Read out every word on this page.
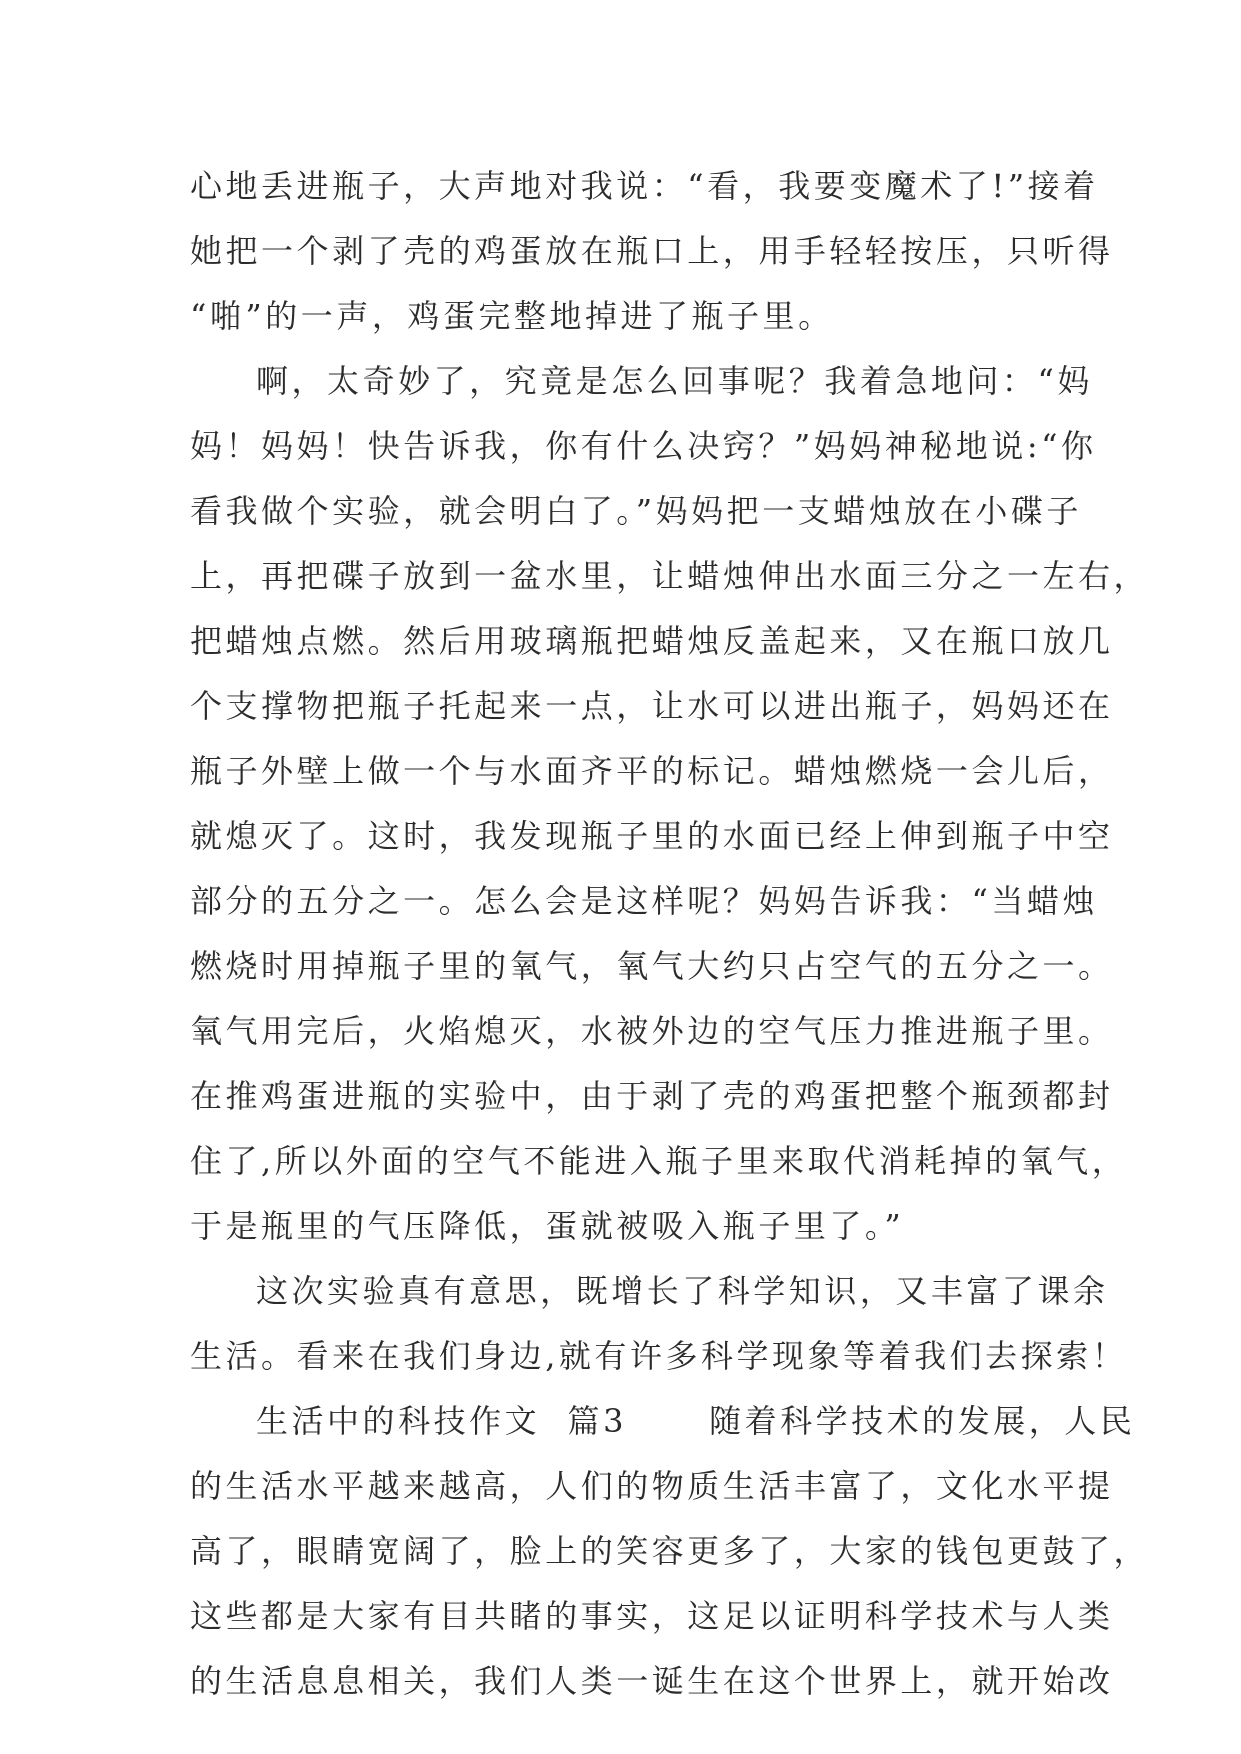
心地丢进瓶子，大声地对我说：“看，我要变魔术了!”接着
她把一个剥了壳的鸡蛋放在瓶口上，用手轻轻按压，只听得
“啪”的一声，鸡蛋完整地掉进了瓶子里。
啊，太奇妙了，究竟是怎么回事呢？我着急地问：“妈
妈！妈妈！快告诉我，你有什么决窍？”妈妈神秘地说:“你
看我做个实验，就会明白了。”妈妈把一支蜡烛放在小碟子
上，再把碟子放到一盆水里，让蜡烛伸出水面三分之一左右，
把蜡烛点燃。然后用玻璃瓶把蜡烛反盖起来，又在瓶口放几
个支撑物把瓶子托起来一点，让水可以进出瓶子，妈妈还在
瓶子外壁上做一个与水面齐平的标记。蜡烛燃烧一会儿后，
就熄灭了。这时，我发现瓶子里的水面已经上伸到瓶子中空
部分的五分之一。怎么会是这样呢？妈妈告诉我：“当蜡烛
燃烧时用掉瓶子里的氧气，氧气大约只占空气的五分之一。
氧气用完后，火焰熄灭，水被外边的空气压力推进瓶子里。
在推鸡蛋进瓶的实验中，由于剥了壳的鸡蛋把整个瓶颈都封
住了,所以外面的空气不能进入瓶子里来取代消耗掉的氧气，
于是瓶里的气压降低，蛋就被吸入瓶子里了。”
这次实验真有意思，既增长了科学知识，又丰富了课余
生活。看来在我们身边,就有许多科学现象等着我们去探索！
生活中的科技作文  篇3      随着科学技术的发展，人民
的生活水平越来越高，人们的物质生活丰富了，文化水平提
高了，眼睛宽阔了，脸上的笑容更多了，大家的钱包更鼓了，
这些都是大家有目共睹的事实，这足以证明科学技术与人类
的生活息息相关，我们人类一诞生在这个世界上，就开始改
